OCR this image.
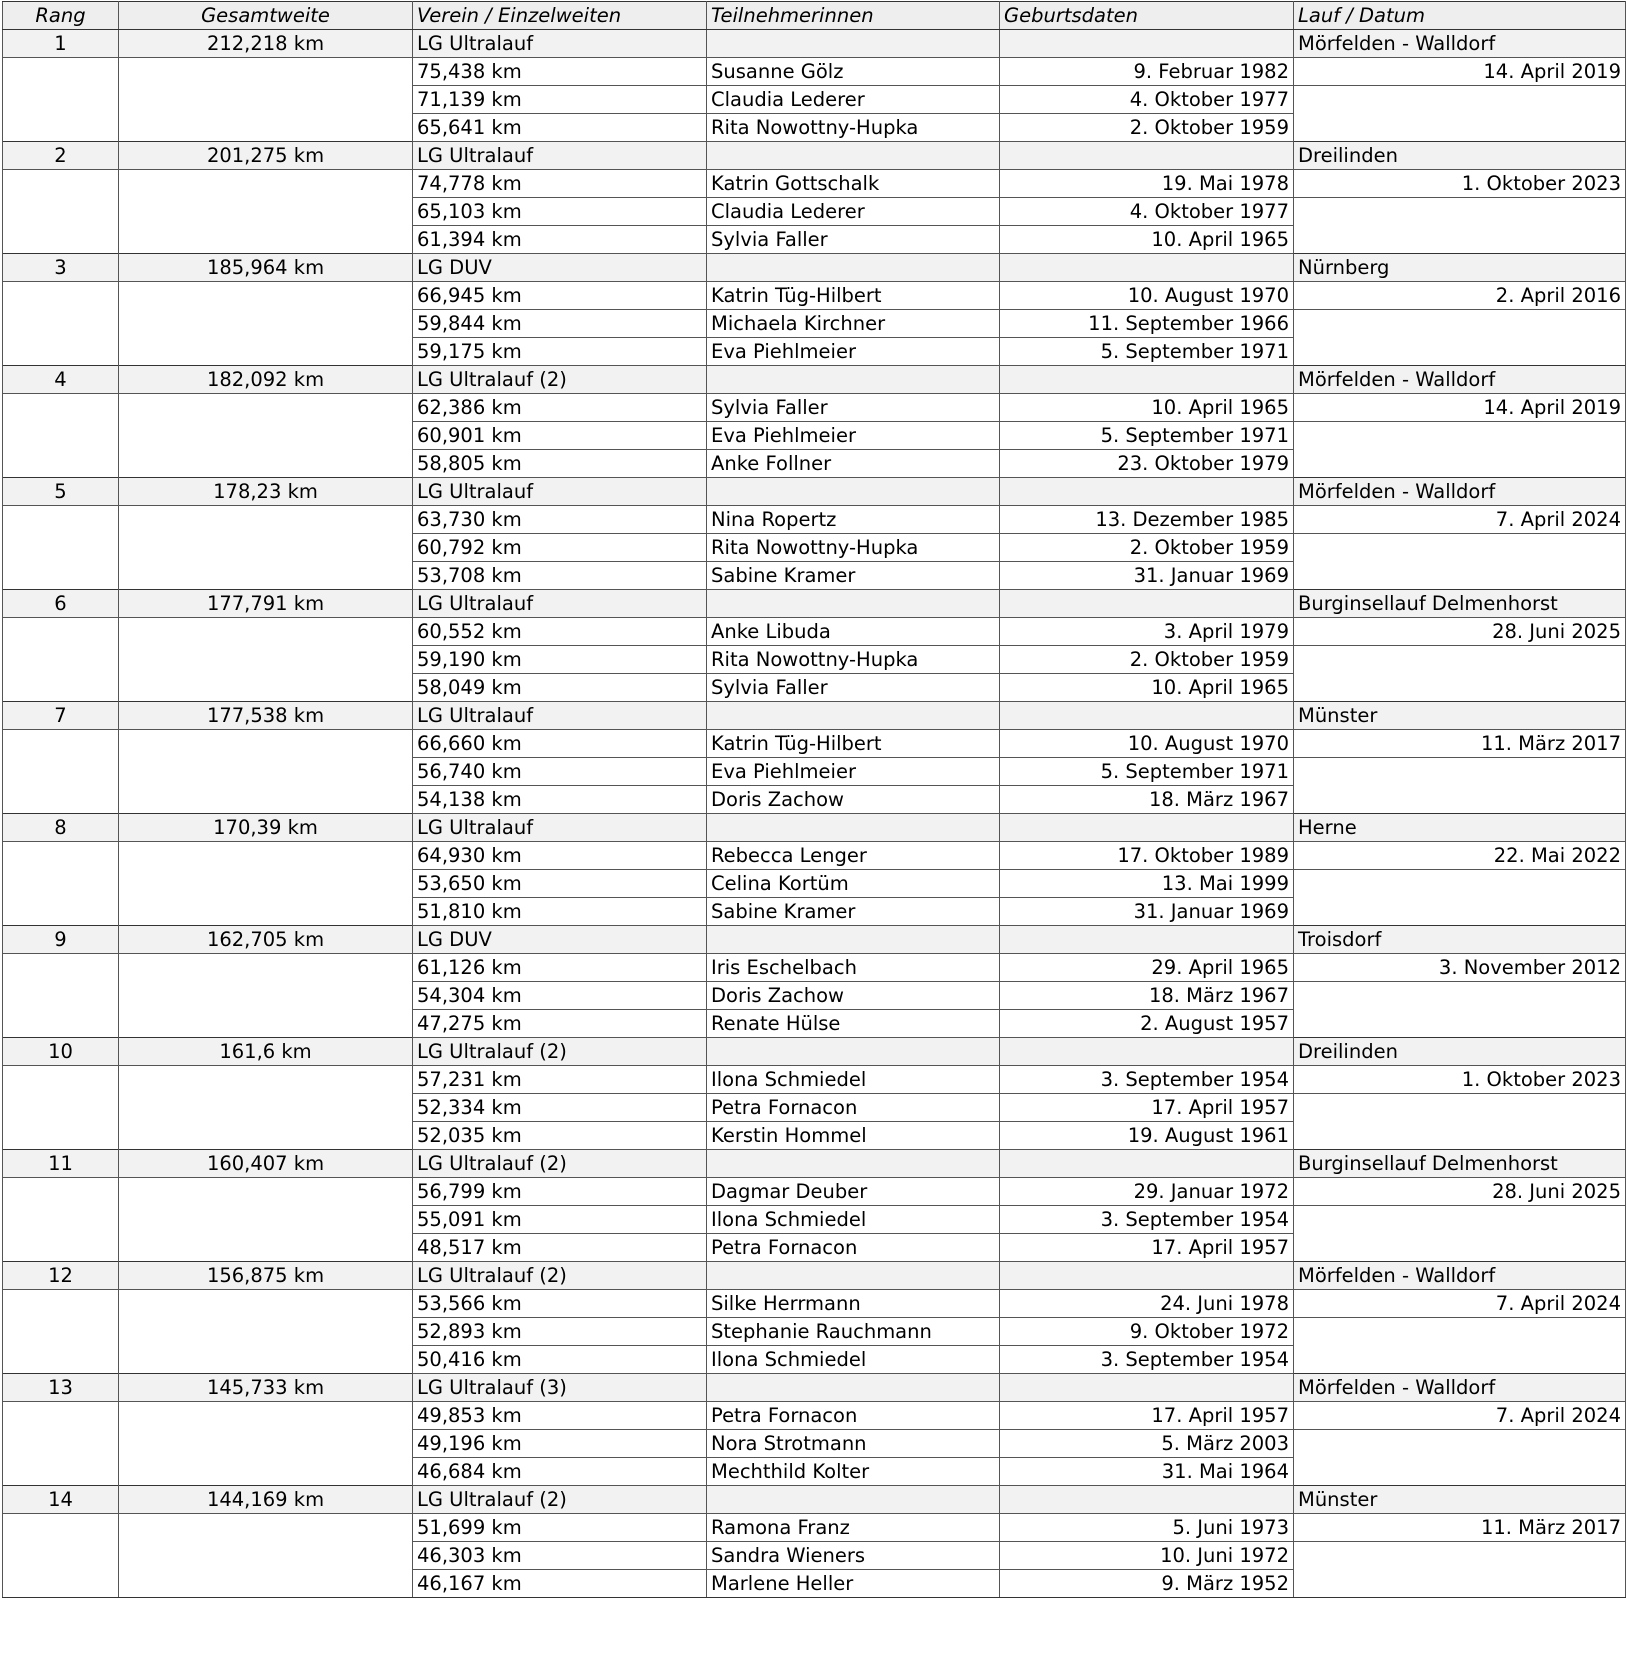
Rang	Gesamtweite	Verein / Einzelweiten	Teilnehmerinnen	Geburtsdaten	Lauf / Datum
1	212,218 km	LG Ultralauf			Mörfelden - Walldorf
		75,438 km	Susanne Gölz	9. Februar 1982	14. April 2019
		71,139 km	Claudia Lederer	4. Oktober 1977	
		65,641 km	Rita Nowottny-Hupka	2. Oktober 1959	
2	201,275 km	LG Ultralauf			Dreilinden
		74,778 km	Katrin Gottschalk	19. Mai 1978	1. Oktober 2023
		65,103 km	Claudia Lederer	4. Oktober 1977	
		61,394 km	Sylvia Faller	10. April 1965	
3	185,964 km	LG DUV			Nürnberg
		66,945 km	Katrin Tüg-Hilbert	10. August 1970	2. April 2016
		59,844 km	Michaela Kirchner	11. September 1966	
		59,175 km	Eva Piehlmeier	5. September 1971	
4	182,092 km	LG Ultralauf (2)			Mörfelden - Walldorf
		62,386 km	Sylvia Faller	10. April 1965	14. April 2019
		60,901 km	Eva Piehlmeier	5. September 1971	
		58,805 km	Anke Follner	23. Oktober 1979	
5	178,23 km	LG Ultralauf			Mörfelden - Walldorf
		63,730 km	Nina Ropertz	13. Dezember 1985	7. April 2024
		60,792 km	Rita Nowottny-Hupka	2. Oktober 1959	
		53,708 km	Sabine Kramer	31. Januar 1969	
6	177,791 km	LG Ultralauf			Burginsellauf Delmenhorst
		60,552 km	Anke Libuda	3. April 1979	28. Juni 2025
		59,190 km	Rita Nowottny-Hupka	2. Oktober 1959	
		58,049 km	Sylvia Faller	10. April 1965	
7	177,538 km	LG Ultralauf			Münster
		66,660 km	Katrin Tüg-Hilbert	10. August 1970	11. März 2017
		56,740 km	Eva Piehlmeier	5. September 1971	
		54,138 km	Doris Zachow	18. März 1967	
8	170,39 km	LG Ultralauf			Herne
		64,930 km	Rebecca Lenger	17. Oktober 1989	22. Mai 2022
		53,650 km	Celina Kortüm	13. Mai 1999	
		51,810 km	Sabine Kramer	31. Januar 1969	
9	162,705 km	LG DUV			Troisdorf
		61,126 km	Iris Eschelbach	29. April 1965	3. November 2012
		54,304 km	Doris Zachow	18. März 1967	
		47,275 km	Renate Hülse	2. August 1957	
10	161,6 km	LG Ultralauf (2)			Dreilinden
		57,231 km	Ilona Schmiedel	3. September 1954	1. Oktober 2023
		52,334 km	Petra Fornacon	17. April 1957	
		52,035 km	Kerstin Hommel	19. August 1961	
11	160,407 km	LG Ultralauf (2)			Burginsellauf Delmenhorst
		56,799 km	Dagmar Deuber	29. Januar 1972	28. Juni 2025
		55,091 km	Ilona Schmiedel	3. September 1954	
		48,517 km	Petra Fornacon	17. April 1957	
12	156,875 km	LG Ultralauf (2)			Mörfelden - Walldorf
		53,566 km	Silke Herrmann	24. Juni 1978	7. April 2024
		52,893 km	Stephanie Rauchmann	9. Oktober 1972	
		50,416 km	Ilona Schmiedel	3. September 1954	
13	145,733 km	LG Ultralauf (3)			Mörfelden - Walldorf
		49,853 km	Petra Fornacon	17. April 1957	7. April 2024
		49,196 km	Nora Strotmann	5. März 2003	
		46,684 km	Mechthild Kolter	31. Mai 1964	
14	144,169 km	LG Ultralauf (2)			Münster
		51,699 km	Ramona Franz	5. Juni 1973	11. März 2017
		46,303 km	Sandra Wieners	10. Juni 1972	
		46,167 km	Marlene Heller	9. März 1952	
